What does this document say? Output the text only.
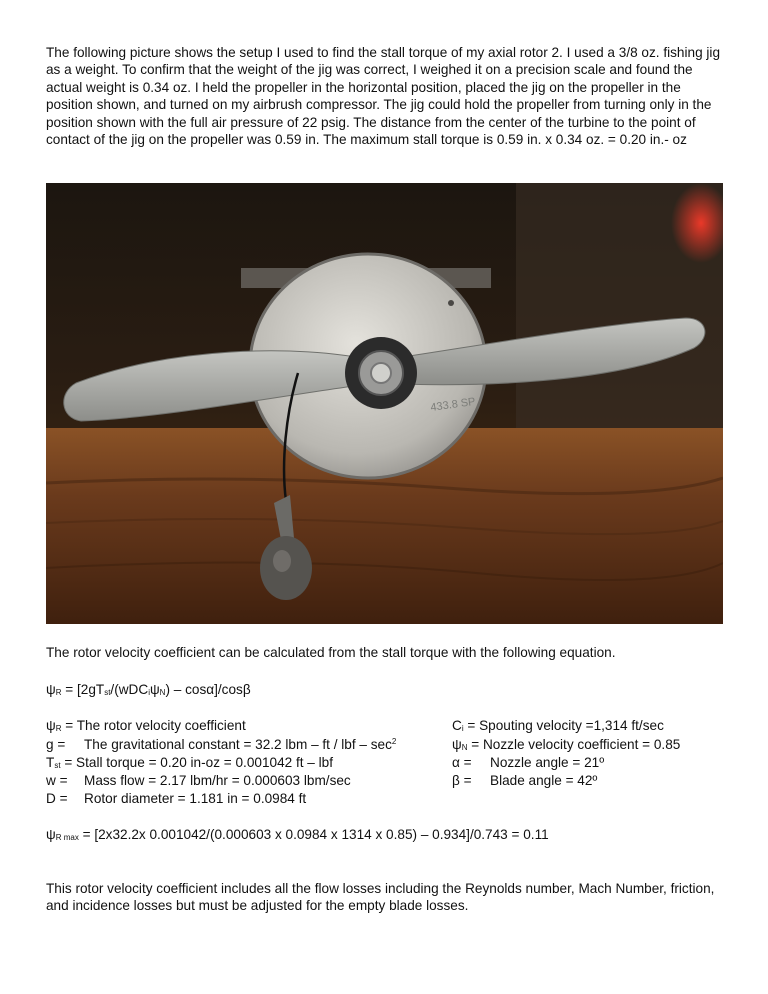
The following picture shows the setup I used to find the stall torque of my axial rotor 2. I used a 3/8 oz. fishing jig as a weight. To confirm that the weight of the jig was correct, I weighed it on a precision scale and found the actual weight is 0.34 oz. I held the propeller in the horizontal position, placed the jig on the propeller in the position shown, and turned on my airbrush compressor. The jig could hold the propeller from turning only in the position shown with the full air pressure of 22 psig. The distance from the center of the turbine to the point of contact of the jig on the propeller was 0.59 in. The maximum stall torque is 0.59 in. x 0.34 oz. = 0.20 in.- oz

433.8 SP

The rotor velocity coefficient can be calculated from the stall torque with the following equation.

$\psi_R = [2gT_{st}/(wDC_i\psi_N) - \cos\alpha]/\cos\beta$

$\psi_R$ = The rotor velocity coefficient

g = The gravitational constant = 32.2 lbm – ft / lbf – $\sec^2$

$T_{st}$ = Stall torque = 0.20 in-oz = 0.001042 ft – lbf

w = Mass flow = 2.17 lbm/hr = 0.000603 lbm/sec

D = Rotor diameter = 1.181 in = 0.0984 ft

$C_i$ = Spouting velocity =1,314 ft/sec

$\psi_N$ = Nozzle velocity coefficient = 0.85

α = Nozzle angle = 21º

β = Blade angle = 42º

$\psi_{R max} = [2x32.2x$ 0.001042/(0.000603 x 0.0984 x 1314 x 0.85) – 0.934]/0.743 = 0.11

This rotor velocity coefficient includes all the flow losses including the Reynolds number, Mach Number, friction, and incidence losses but must be adjusted for the empty blade losses.
